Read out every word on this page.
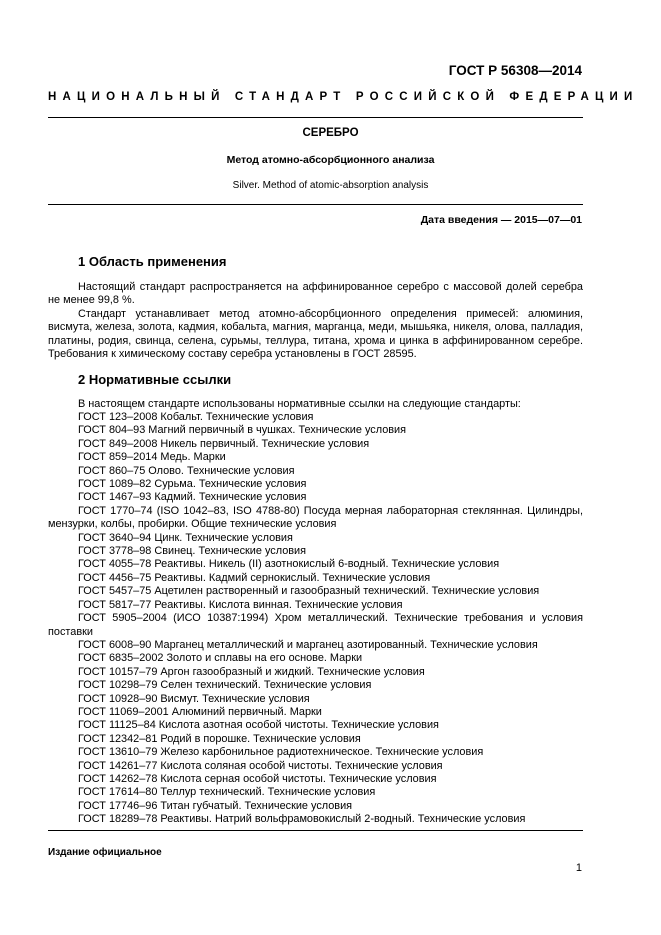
ГОСТ Р 56308—2014
НАЦИОНАЛЬНЫЙ СТАНДАРТ РОССИЙСКОЙ ФЕДЕРАЦИИ
СЕРЕБРО
Метод атомно-абсорбционного анализа
Silver. Method of atomic-absorption analysis
Дата введения — 2015—07—01
1 Область применения
Настоящий стандарт распространяется на аффинированное серебро с массовой долей серебра не менее 99,8 %.
Стандарт устанавливает метод атомно-абсорбционного определения примесей: алюминия, висмута, железа, золота, кадмия, кобальта, магния, марганца, меди, мышьяка, никеля, олова, палладия, платины, родия, свинца, селена, сурьмы, теллура, титана, хрома и цинка в аффинированном серебре. Требования к химическому составу серебра установлены в ГОСТ 28595.
2 Нормативные ссылки
В настоящем стандарте использованы нормативные ссылки на следующие стандарты:
ГОСТ 123–2008 Кобальт. Технические условия
ГОСТ 804–93 Магний первичный в чушках. Технические условия
ГОСТ 849–2008 Никель первичный. Технические условия
ГОСТ 859–2014 Медь. Марки
ГОСТ 860–75 Олово. Технические условия
ГОСТ 1089–82 Сурьма. Технические условия
ГОСТ 1467–93 Кадмий. Технические условия
ГОСТ 1770–74 (ISO 1042–83, ISO 4788-80) Посуда мерная лабораторная стеклянная. Цилиндры, мензурки, колбы, пробирки. Общие технические условия
ГОСТ 3640–94 Цинк. Технические условия
ГОСТ 3778–98 Свинец. Технические условия
ГОСТ 4055–78 Реактивы. Никель (II) азотнокислый 6-водный. Технические условия
ГОСТ 4456–75 Реактивы. Кадмий сернокислый. Технические условия
ГОСТ 5457–75 Ацетилен растворенный и газообразный технический. Технические условия
ГОСТ 5817–77 Реактивы. Кислота винная. Технические условия
ГОСТ 5905–2004 (ИСО 10387:1994) Хром металлический. Технические требования и условия поставки
ГОСТ 6008–90 Марганец металлический и марганец азотированный. Технические условия
ГОСТ 6835–2002 Золото и сплавы на его основе. Марки
ГОСТ 10157–79 Аргон газообразный и жидкий. Технические условия
ГОСТ 10298–79 Селен технический. Технические условия
ГОСТ 10928–90 Висмут. Технические условия
ГОСТ 11069–2001 Алюминий первичный. Марки
ГОСТ 11125–84 Кислота азотная особой чистоты. Технические условия
ГОСТ 12342–81 Родий в порошке. Технические условия
ГОСТ 13610–79 Железо карбонильное радиотехническое. Технические условия
ГОСТ 14261–77 Кислота соляная особой чистоты. Технические условия
ГОСТ 14262–78 Кислота серная особой чистоты. Технические условия
ГОСТ 17614–80 Теллур технический. Технические условия
ГОСТ 17746–96 Титан губчатый. Технические условия
ГОСТ 18289–78 Реактивы. Натрий вольфрамовокислый 2-водный. Технические условия
Издание официальное
1
